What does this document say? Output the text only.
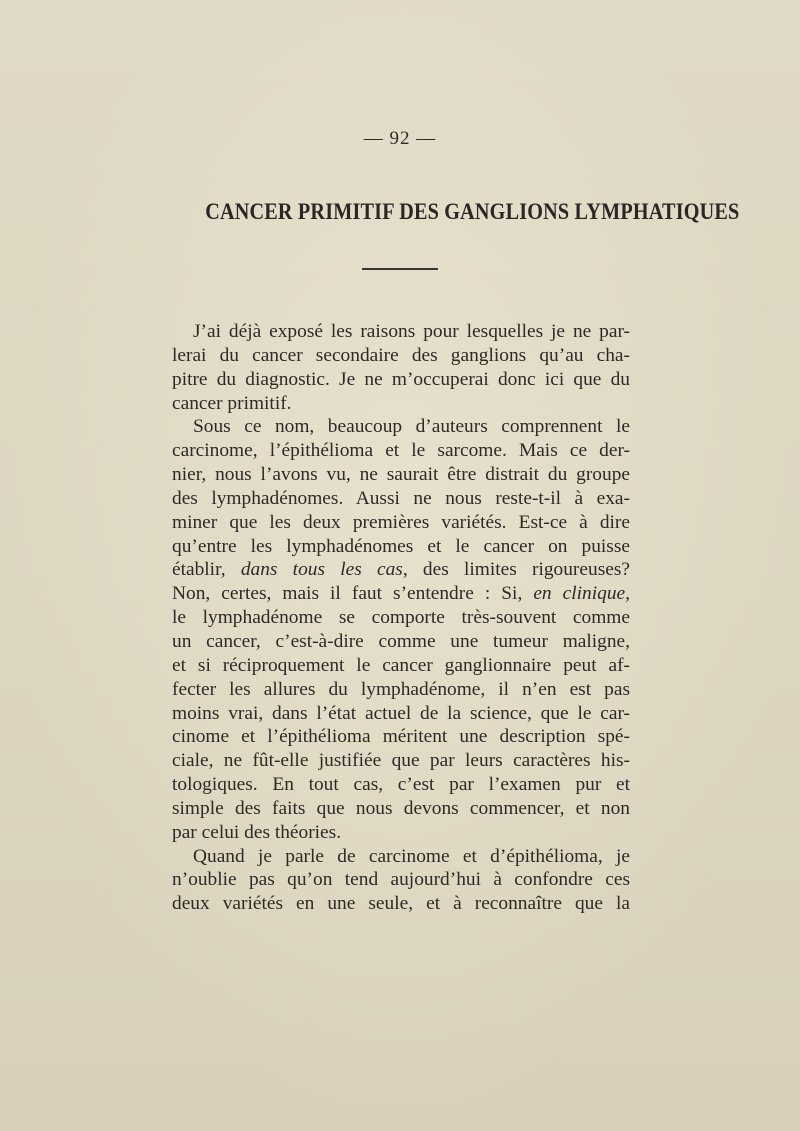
— 92 —
CANCER PRIMITIF DES GANGLIONS LYMPHATIQUES
J’ai déjà exposé les raisons pour lesquelles je ne par-
lerai du cancer secondaire des ganglions qu’au cha-
pitre du diagnostic. Je ne m’occuperai donc ici que du
cancer primitif.
Sous ce nom, beaucoup d’auteurs comprennent le
carcinome, l’épithélioma et le sarcome. Mais ce der-
nier, nous l’avons vu, ne saurait être distrait du groupe
des lymphadénomes. Aussi ne nous reste-t-il à exa-
miner que les deux premières variétés. Est-ce à dire
qu’entre les lymphadénomes et le cancer on puisse
établir, dans tous les cas, des limites rigoureuses?
Non, certes, mais il faut s’entendre : Si, en clinique,
le lymphadénome se comporte très-souvent comme
un cancer, c’est-à-dire comme une tumeur maligne,
et si réciproquement le cancer ganglionnaire peut af-
fecter les allures du lymphadénome, il n’en est pas
moins vrai, dans l’état actuel de la science, que le car-
cinome et l’épithélioma méritent une description spé-
ciale, ne fût-elle justifiée que par leurs caractères his-
tologiques. En tout cas, c’est par l’examen pur et
simple des faits que nous devons commencer, et non
par celui des théories.
Quand je parle de carcinome et d’épithélioma, je
n’oublie pas qu’on tend aujourd’hui à confondre ces
deux variétés en une seule, et à reconnaître que la
